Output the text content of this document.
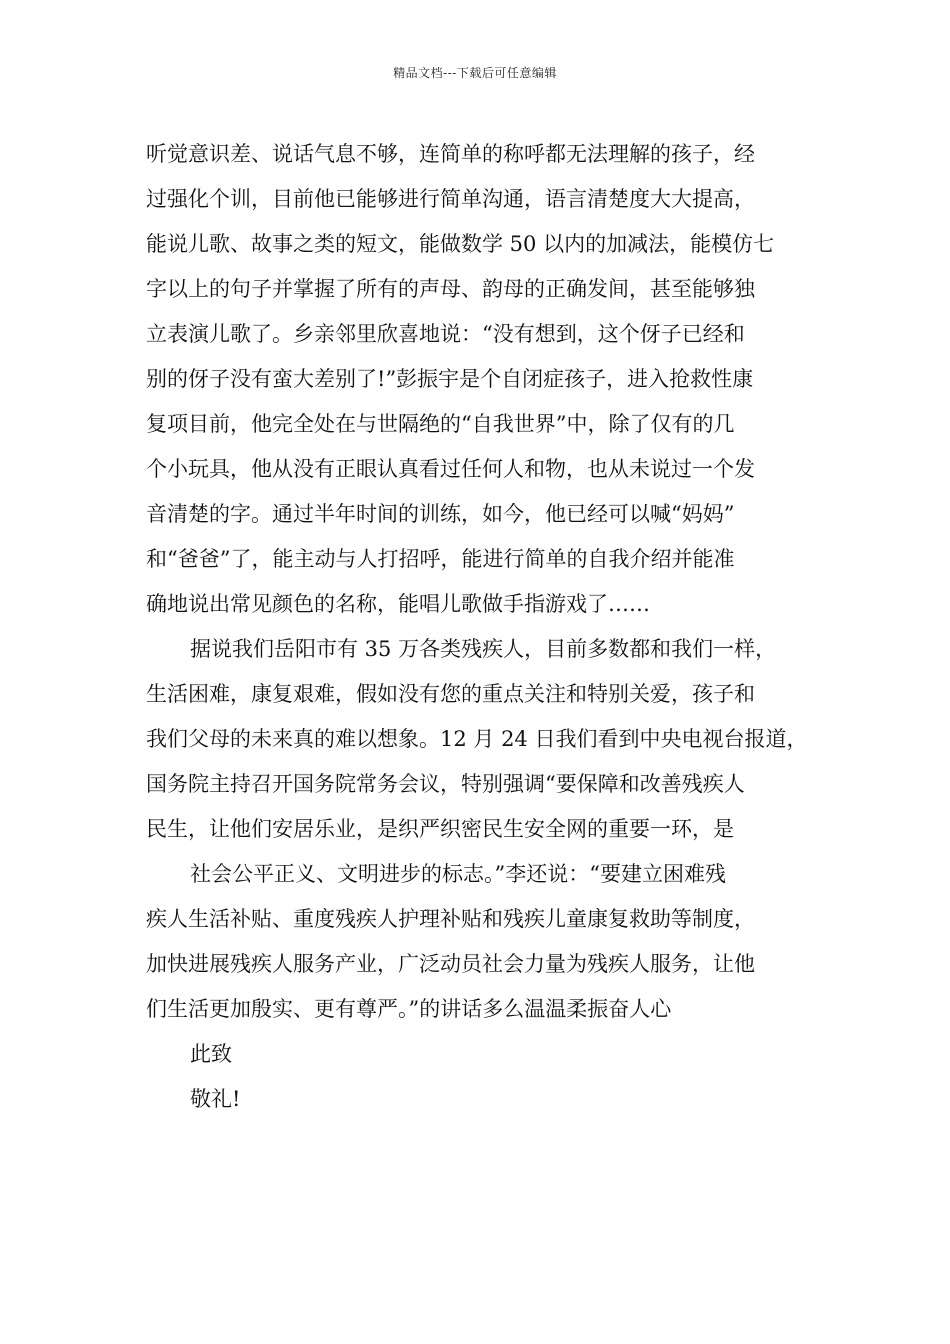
精品文档---下载后可任意编辑
听觉意识差、说话气息不够，连简单的称呼都无法理解的孩子，经
过强化个训，目前他已能够进行简单沟通，语言清楚度大大提高，
能说儿歌、故事之类的短文，能做数学 50 以内的加减法，能模仿七
字以上的句子并掌握了所有的声母、韵母的正确发间，甚至能够独
立表演儿歌了。乡亲邻里欣喜地说：“没有想到，这个伢子已经和
别的伢子没有蛮大差别了!”彭振宇是个自闭症孩子，进入抢救性康
复项目前，他完全处在与世隔绝的“自我世界”中，除了仅有的几
个小玩具，他从没有正眼认真看过任何人和物，也从未说过一个发
音清楚的字。通过半年时间的训练，如今，他已经可以喊“妈妈”
和“爸爸”了，能主动与人打招呼，能进行简单的自我介绍并能准
确地说出常见颜色的名称，能唱儿歌做手指游戏了……
据说我们岳阳市有 35 万各类残疾人，目前多数都和我们一样，
生活困难，康复艰难，假如没有您的重点关注和特别关爱，孩子和
我们父母的未来真的难以想象。12 月 24 日我们看到中央电视台报道，
国务院主持召开国务院常务会议，特别强调“要保障和改善残疾人
民生，让他们安居乐业，是织严织密民生安全网的重要一环，是
社会公平正义、文明进步的标志。”李还说：“要建立困难残
疾人生活补贴、重度残疾人护理补贴和残疾儿童康复救助等制度，
加快进展残疾人服务产业，广泛动员社会力量为残疾人服务，让他
们生活更加殷实、更有尊严。”的讲话多么温温柔振奋人心
此致
敬礼!
